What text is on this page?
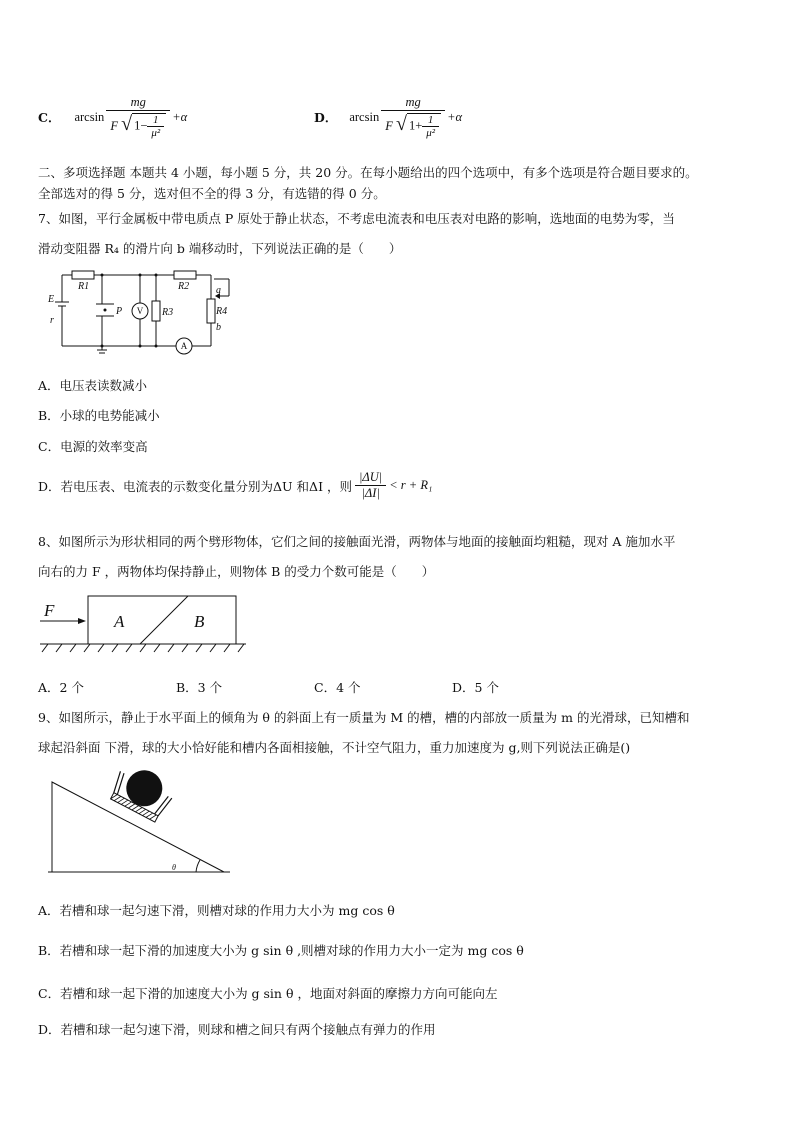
C． $\arcsin \frac{mg}{F √ 1- \frac{1}{\text{μ²}}} +\alpha$	D． $\arcsin \frac{mg}{F √ 1+ \frac{1}{\text{μ²}}} +\alpha$
二、多项选择题 本题共 4 小题，每小题 5 分，共 20 分。在每小题给出的四个选项中，有多个选项是符合题目要求的。
全部选对的得 5 分，选对但不全的得 3 分，有选错的得 0 分。
7、如图，平行金属板中带电质点 P 原处于静止状态，不考虑电流表和电压表对电路的影响，选地面的电势为零，当
滑动变阻器 R₄ 的滑片向 b 端移动时，下列说法正确的是（　　）
E
r
R1	R2
R3	R4
P
a
b
V
A
A．电压表读数减小
B．小球的电势能减小
C．电源的效率变高
D．若电压表、电流表的示数变化量分别为ΔU 和ΔI ，则 $\frac{|\Delta U|}{|\Delta I|} < r + R_1$
8、如图所示为形状相同的两个劈形物体，它们之间的接触面光滑，两物体与地面的接触面均粗糙，现对 A 施加水平
向右的力 F ，两物体均保持静止，则物体 B 的受力个数可能是（　　）
F
A	B
A．2 个	B．3 个	C．4 个	D．5 个
9、如图所示，静止于水平面上的倾角为 θ 的斜面上有一质量为 M 的槽，槽的内部放一质量为 m 的光滑球，已知槽和
球起沿斜面 下滑，球的大小恰好能和槽内各面相接触，不计空气阻力，重力加速度为 g,则下列说法正确是()
θ
A．若槽和球一起匀速下滑，则槽对球的作用力大小为 mg cos θ
B．若槽和球一起下滑的加速度大小为 g sin θ ,则槽对球的作用力大小一定为 mg cos θ
C．若槽和球一起下滑的加速度大小为 g sin θ ，地面对斜面的摩擦力方向可能向左
D．若槽和球一起匀速下滑，则球和槽之间只有两个接触点有弹力的作用
